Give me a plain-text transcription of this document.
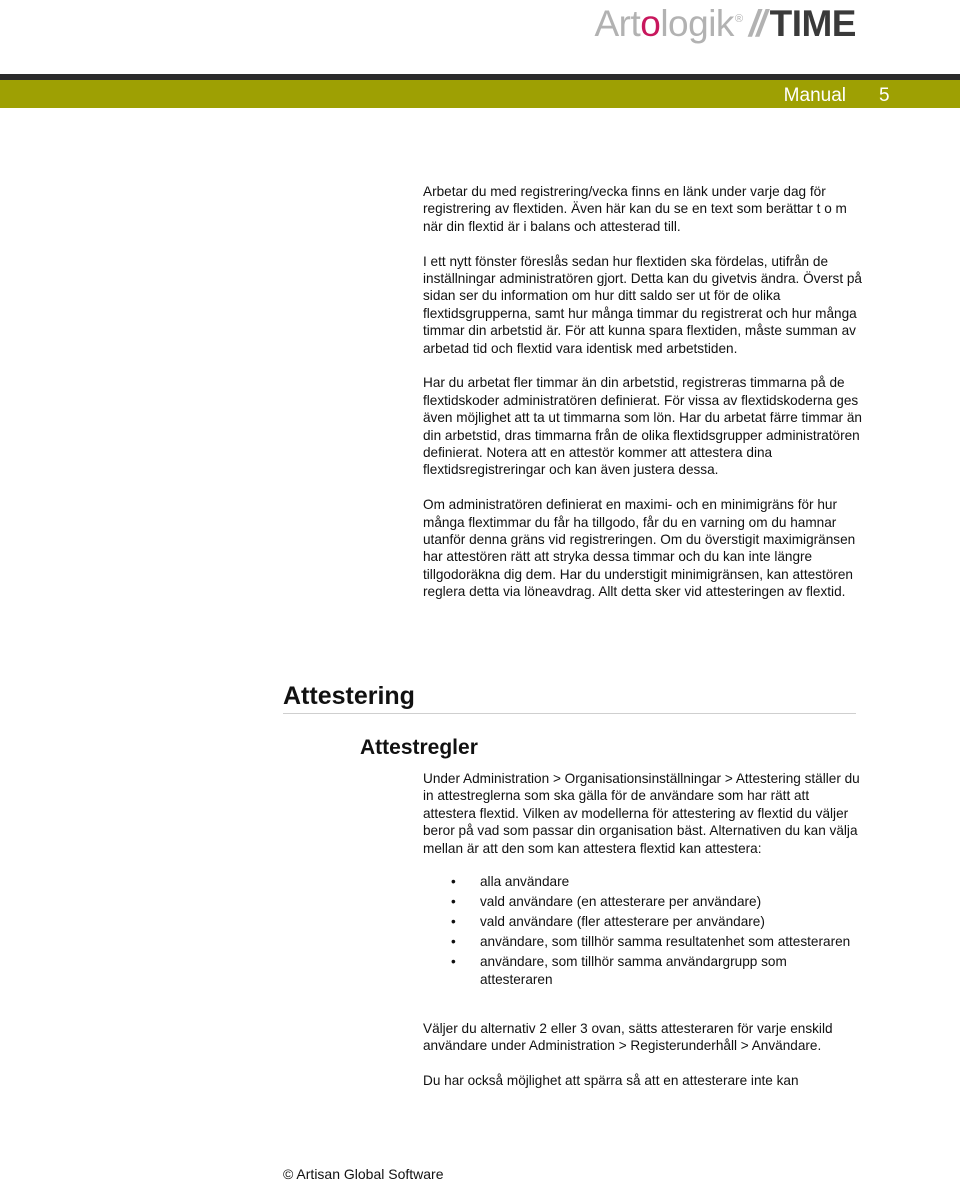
Artologik ® // TIME
Manual 5

Arbetar du med registrering/vecka finns en länk under varje dag för registrering av flextiden. Även här kan du se en text som berättar t o m när din flextid är i balans och attesterad till.

I ett nytt fönster föreslås sedan hur flextiden ska fördelas, utifrån de inställningar administratören gjort. Detta kan du givetvis ändra. Överst på sidan ser du information om hur ditt saldo ser ut för de olika flextidsgrupperna, samt hur många timmar du registrerat och hur många timmar din arbetstid är. För att kunna spara flextiden, måste summan av arbetad tid och flextid vara identisk med arbetstiden.

Har du arbetat fler timmar än din arbetstid, registreras timmarna på de flextidskoder administratören definierat. För vissa av flextidskoderna ges även möjlighet att ta ut timmarna som lön. Har du arbetat färre timmar än din arbetstid, dras timmarna från de olika flextidsgrupper administratören definierat. Notera att en attestör kommer att attestera dina flextidsregistreringar och kan även justera dessa.

Om administratören definierat en maximi- och en minimigräns för hur många flextimmar du får ha tillgodo, får du en varning om du hamnar utanför denna gräns vid registreringen. Om du överstigit maximigränsen har attestören rätt att stryka dessa timmar och du kan inte längre tillgodoräkna dig dem. Har du understigit minimigränsen, kan attestören reglera detta via löneavdrag. Allt detta sker vid attesteringen av flextid.

Attestering
Attestregler

Under Administration > Organisationsinställningar > Attestering ställer du in attestreglerna som ska gälla för de användare som har rätt att attestera flextid. Vilken av modellerna för attestering av flextid du väljer beror på vad som passar din organisation bäst. Alternativen du kan välja mellan är att den som kan attestera flextid kan attestera:

• alla användare
• vald användare (en attesterare per användare)
• vald användare (fler attesterare per användare)
• användare, som tillhör samma resultatenhet som attesteraren
• användare, som tillhör samma användargrupp som attesteraren

Väljer du alternativ 2 eller 3 ovan, sätts attesteraren för varje enskild användare under Administration > Registerunderhåll > Användare.

Du har också möjlighet att spärra så att en attesterare inte kan

© Artisan Global Software
